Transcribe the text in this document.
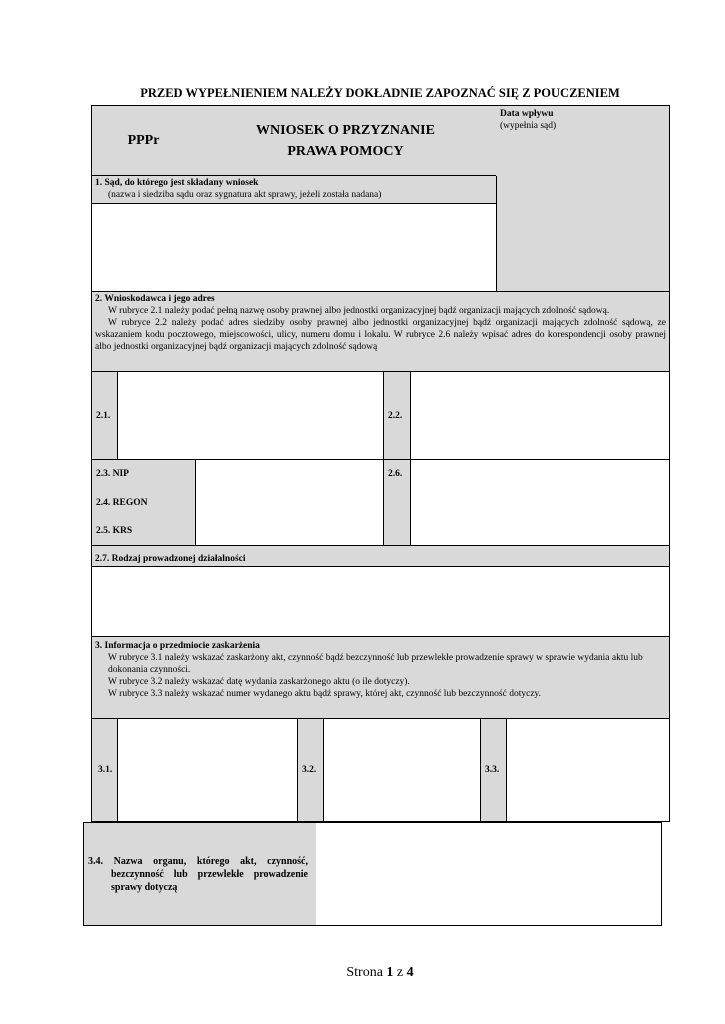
PRZED WYPEŁNIENIEM NALEŻY DOKŁADNIE ZAPOZNAĆ SIĘ Z POUCZENIEM
PPPr
WNIOSEK O PRZYZNANIE
PRAWA POMOCY
Data wpływu
(wypełnia sąd)
1. Sąd, do którego jest składany wniosek
(nazwa i siedziba sądu oraz sygnatura akt sprawy, jeżeli została nadana)
2. Wnioskodawca i jego adres
W rubryce 2.1 należy podać pełną nazwę osoby prawnej albo jednostki organizacyjnej bądź organizacji mających zdolność sądową.
W rubryce 2.2 należy podać adres siedziby osoby prawnej albo jednostki organizacyjnej bądź organizacji mających zdolność sądową, ze wskazaniem kodu pocztowego, miejscowości, ulicy, numeru domu i lokalu. W rubryce 2.6 należy wpisać adres do korespondencji osoby prawnej albo jednostki organizacyjnej bądź organizacji mających zdolność sądową
2.1.	2.2.
2.3. NIP
2.4. REGON
2.5. KRS
2.6.
2.7. Rodzaj prowadzonej działalności
3. Informacja o przedmiocie zaskarżenia
W rubryce 3.1 należy wskazać zaskarżony akt, czynność bądź bezczynność lub przewlekłe prowadzenie sprawy w sprawie wydania aktu lub dokonania czynności.
W rubryce 3.2 należy wskazać datę wydania zaskarżonego aktu (o ile dotyczy).
W rubryce 3.3 należy wskazać numer wydanego aktu bądź sprawy, której akt, czynność lub bezczynność dotyczy.
3.1.	3.2.	3.3.
3.4. Nazwa organu, którego akt, czynność, bezczynność lub przewlekłe prowadzenie sprawy dotyczą
Strona 1 z 4
